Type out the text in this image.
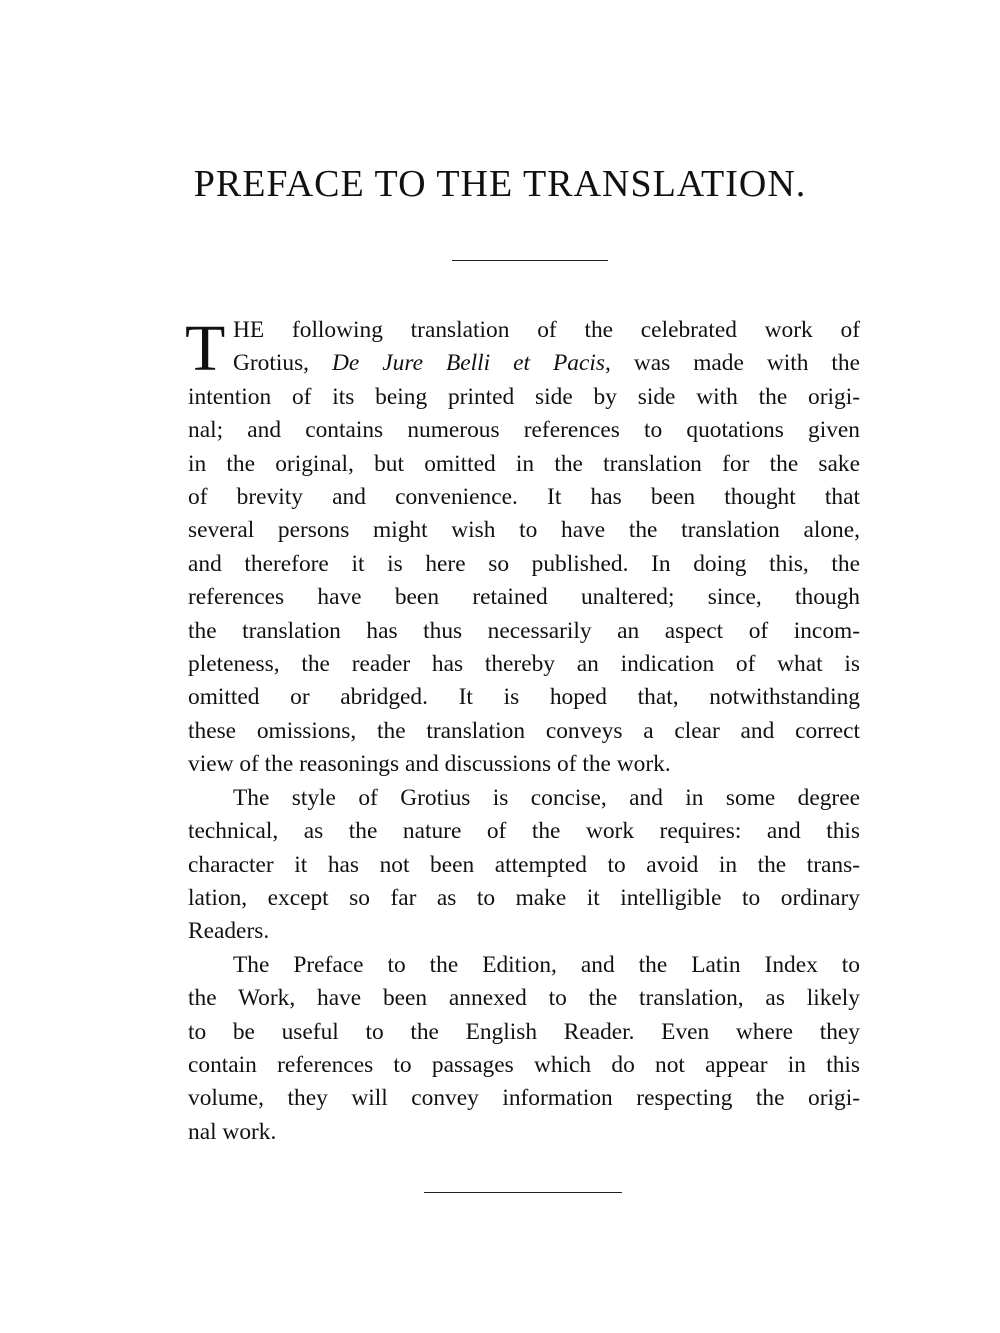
PREFACE TO THE TRANSLATION.
T HE following translation of the celebrated work of
Grotius, De Jure Belli et Pacis, was made with the
intention of its being printed side by side with the origi-
nal; and contains numerous references to quotations given
in the original, but omitted in the translation for the sake
of brevity and convenience. It has been thought that
several persons might wish to have the translation alone,
and therefore it is here so published. In doing this, the
references have been retained unaltered; since, though
the translation has thus necessarily an aspect of incom-
pleteness, the reader has thereby an indication of what is
omitted or abridged. It is hoped that, notwithstanding
these omissions, the translation conveys a clear and correct
view of the reasonings and discussions of the work.

The style of Grotius is concise, and in some degree
technical, as the nature of the work requires: and this
character it has not been attempted to avoid in the trans-
lation, except so far as to make it intelligible to ordinary
Readers.

The Preface to the Edition, and the Latin Index to
the Work, have been annexed to the translation, as likely
to be useful to the English Reader. Even where they
contain references to passages which do not appear in this
volume, they will convey information respecting the origi-
nal work.
